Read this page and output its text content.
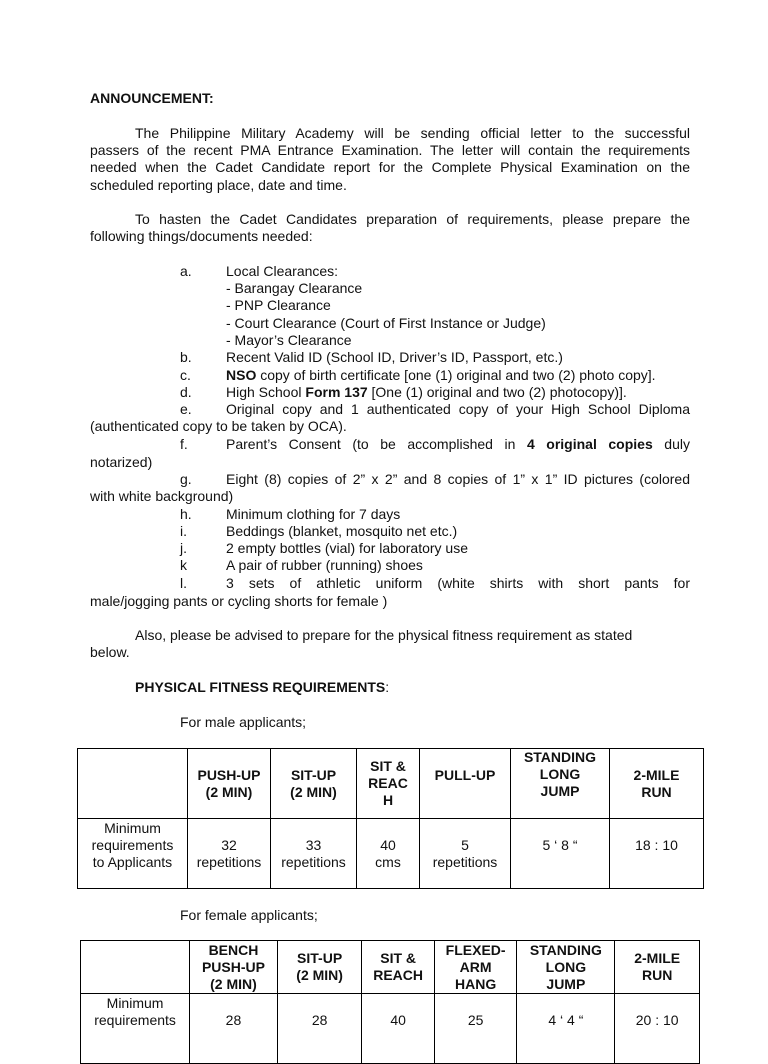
ANNOUNCEMENT:
The Philippine Military Academy will be sending official letter to the successful
passers of the recent PMA Entrance Examination. The letter will contain the requirements
needed when the Cadet Candidate report for the Complete Physical Examination on the
scheduled reporting place, date and time.
To hasten the Cadet Candidates preparation of requirements, please prepare the
following things/documents needed:
a. Local Clearances:
- Barangay Clearance
- PNP Clearance
- Court Clearance (Court of First Instance or Judge)
- Mayor’s Clearance
b. Recent Valid ID (School ID, Driver’s ID, Passport, etc.)
c.	NSO copy of birth certificate [one (1) original and two (2) photo copy].
d. High School Form 137 [One (1) original and two (2) photocopy)].
e. Original copy and 1 authenticated copy of your High School Diploma
(authenticated copy to be taken by OCA).
f.	Parent’s Consent (to be accomplished in 4 original copies duly
notarized)
g. Eight (8) copies of 2” x 2” and 8 copies of 1” x 1” ID pictures (colored
with white background)
h. Minimum clothing for 7 days
i.	Beddings (blanket, mosquito net etc.)
j.	2 empty bottles (vial) for laboratory use
k	A pair of rubber (running) shoes
l.	3 sets of athletic uniform (white shirts with short pants for
male/jogging pants or cycling shorts for female )
Also, please be advised to prepare for the physical fitness requirement as stated
below.
PHYSICAL FITNESS REQUIREMENTS:
For male applicants;
	PUSH-UP
(2 MIN)	SIT-UP
(2 MIN)	SIT &
REAC
H	PULL-UP	STANDING
LONG
JUMP	2-MILE
RUN
Minimum
requirements
to Applicants	32
repetitions	33
repetitions	40
cms	5
repetitions	5 ‘ 8 “	18 : 10
For female applicants;
	BENCH
PUSH-UP
(2 MIN)	SIT-UP
(2 MIN)	SIT &
REACH	FLEXED-
ARM
HANG	STANDING
LONG
JUMP	2-MILE
RUN
Minimum
requirements	28	28	40	25	4 ‘ 4 “	20 : 10
